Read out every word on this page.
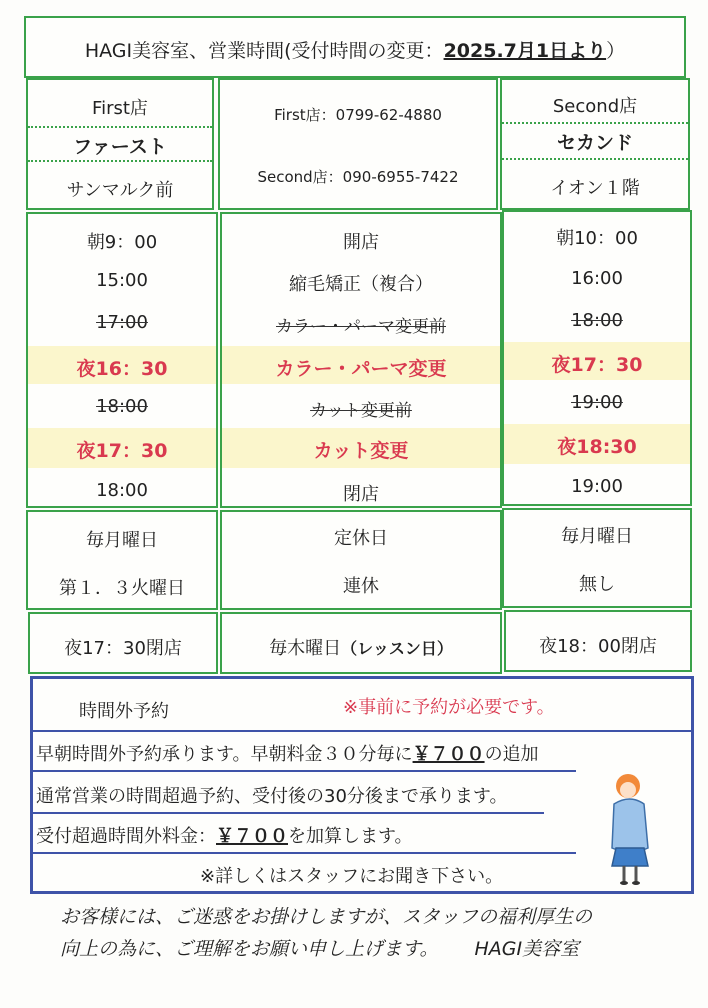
HAGI美容室、営業時間(受付時間の変更：2025.7月1日より）
First店
ファースト
サンマルク前
First店：0799-62-4880
Second店：090-6955-7422
Second店
セカンド
イオン１階
朝9：00
15:00
17:00
夜16：30
18:00
夜17：30
18:00
開店
縮毛矯正（複合）
カラー・パーマ変更前
カラー・パーマ変更
カット変更前
カット変更
閉店
朝10：00
16:00
18:00
夜17：30
19:00
夜18:30
19:00
毎月曜日
第１．３火曜日
定休日
連休
毎月曜日
無し
夜17：30閉店	毎木曜日（レッスン日）	夜18：00閉店
時間外予約	※事前に予約が必要です。
早朝時間外予約承ります。早朝料金３０分毎に￥７００の追加
通常営業の時間超過予約、受付後の30分後まで承ります。
受付超過時間外料金：￥７００を加算します。
※詳しくはスタッフにお聞き下さい。
お客様には、ご迷惑をお掛けしますが、スタッフの福利厚生の
向上の為に、ご理解をお願い申し上げます。 HAGI美容室
